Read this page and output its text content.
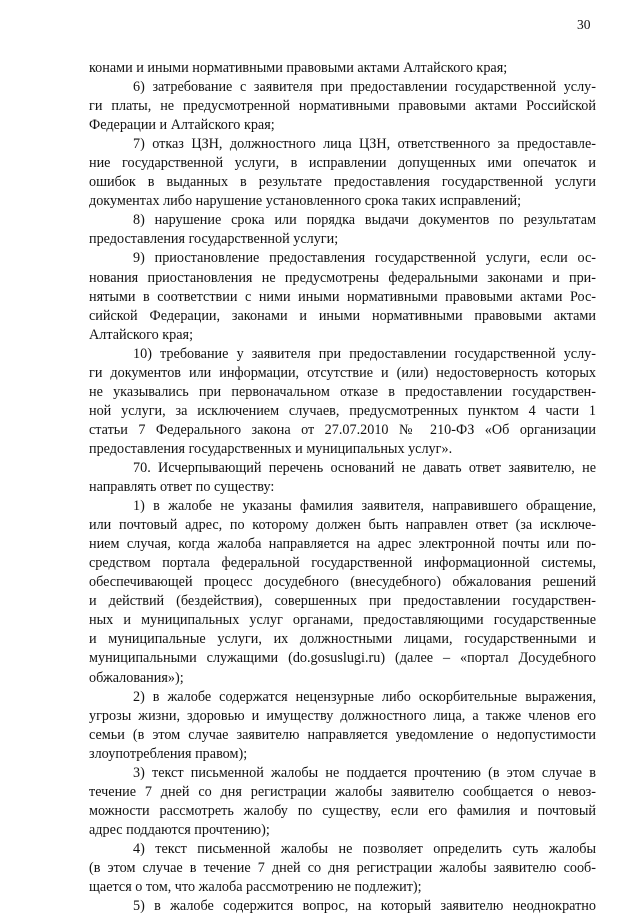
30
конами и иными нормативными правовыми актами Алтайского края;
6) затребование с заявителя при предоставлении государственной услу-
ги платы, не предусмотренной нормативными правовыми актами Российской
Федерации и Алтайского края;
7) отказ ЦЗН, должностного лица ЦЗН, ответственного за предоставле-
ние государственной услуги, в исправлении допущенных ими опечаток и
ошибок в выданных в результате предоставления государственной услуги
документах либо нарушение установленного срока таких исправлений;
8) нарушение срока или порядка выдачи документов по результатам
предоставления государственной услуги;
9) приостановление предоставления государственной услуги, если ос-
нования приостановления не предусмотрены федеральными законами и при-
нятыми в соответствии с ними иными нормативными правовыми актами Рос-
сийской Федерации, законами и иными нормативными правовыми актами
Алтайского края;
10) требование у заявителя при предоставлении государственной услу-
ги документов или информации, отсутствие и (или) недостоверность которых
не указывались при первоначальном отказе в предоставлении государствен-
ной услуги, за исключением случаев, предусмотренных пунктом 4 части 1
статьи 7 Федерального закона от 27.07.2010 № 210-ФЗ «Об организации
предоставления государственных и муниципальных услуг».
70. Исчерпывающий перечень оснований не давать ответ заявителю, не
направлять ответ по существу:
1) в жалобе не указаны фамилия заявителя, направившего обращение,
или почтовый адрес, по которому должен быть направлен ответ (за исключе-
нием случая, когда жалоба направляется на адрес электронной почты или по-
средством портала федеральной государственной информационной системы,
обеспечивающей процесс досудебного (внесудебного) обжалования решений
и действий (бездействия), совершенных при предоставлении государствен-
ных и муниципальных услуг органами, предоставляющими государственные
и муниципальные услуги, их должностными лицами, государственными и
муниципальными служащими (do.gosuslugi.ru) (далее – «портал Досудебного
обжалования»);
2) в жалобе содержатся нецензурные либо оскорбительные выражения,
угрозы жизни, здоровью и имуществу должностного лица, а также членов его
семьи (в этом случае заявителю направляется уведомление о недопустимости
злоупотребления правом);
3) текст письменной жалобы не поддается прочтению (в этом случае в
течение 7 дней со дня регистрации жалобы заявителю сообщается о невоз-
можности рассмотреть жалобу по существу, если его фамилия и почтовый
адрес поддаются прочтению);
4) текст письменной жалобы не позволяет определить суть жалобы
(в этом случае в течение 7 дней со дня регистрации жалобы заявителю сооб-
щается о том, что жалоба рассмотрению не подлежит);
5) в жалобе содержится вопрос, на который заявителю неоднократно
